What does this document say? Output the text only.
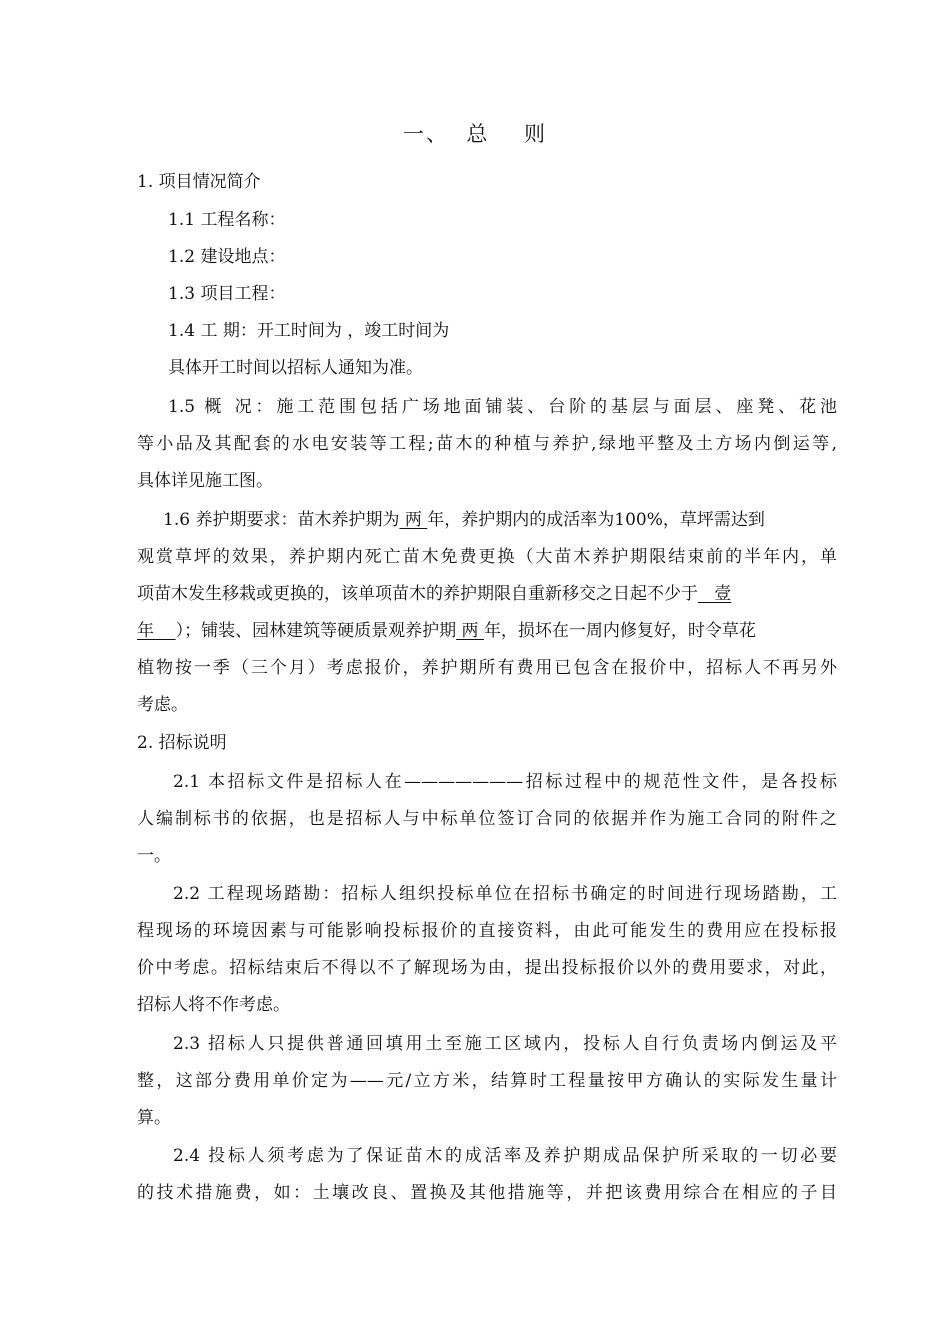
一、  总    则
1. 项目情况简介
1.1 工程名称：
1.2 建设地点：
1.3 项目工程：
1.4 工 期：开工时间为 ，竣工时间为
具体开工时间以招标人通知为准。
1.5 概 况：施工范围包括广场地面铺装、台阶的基层与面层、座凳、花池
等小品及其配套的水电安装等工程;苗木的种植与养护,绿地平整及土方场内倒运等,
具体详见施工图。
1.6 养护期要求：苗木养护期为 两 年，养护期内的成活率为100%，草坪需达到
观赏草坪的效果，养护期内死亡苗木免费更换（大苗木养护期限结束前的半年内，单
项苗木发生移栽或更换的，该单项苗木的养护期限自重新移交之日起不少于 壹
年 ）；铺装、园林建筑等硬质景观养护期 两 年，损坏在一周内修复好，时令草花
植物按一季（三个月）考虑报价，养护期所有费用已包含在报价中，招标人不再另外
考虑。
2. 招标说明
2.1 本招标文件是招标人在———————招标过程中的规范性文件，是各投标
人编制标书的依据，也是招标人与中标单位签订合同的依据并作为施工合同的附件之
一。
2.2 工程现场踏勘：招标人组织投标单位在招标书确定的时间进行现场踏勘，工
程现场的环境因素与可能影响投标报价的直接资料，由此可能发生的费用应在投标报
价中考虑。招标结束后不得以不了解现场为由，提出投标报价以外的费用要求，对此，
招标人将不作考虑。
2.3 招标人只提供普通回填用土至施工区域内，投标人自行负责场内倒运及平
整，这部分费用单价定为——元/立方米，结算时工程量按甲方确认的实际发生量计
算。
2.4 投标人须考虑为了保证苗木的成活率及养护期成品保护所采取的一切必要
的技术措施费，如：土壤改良、置换及其他措施等，并把该费用综合在相应的子目
